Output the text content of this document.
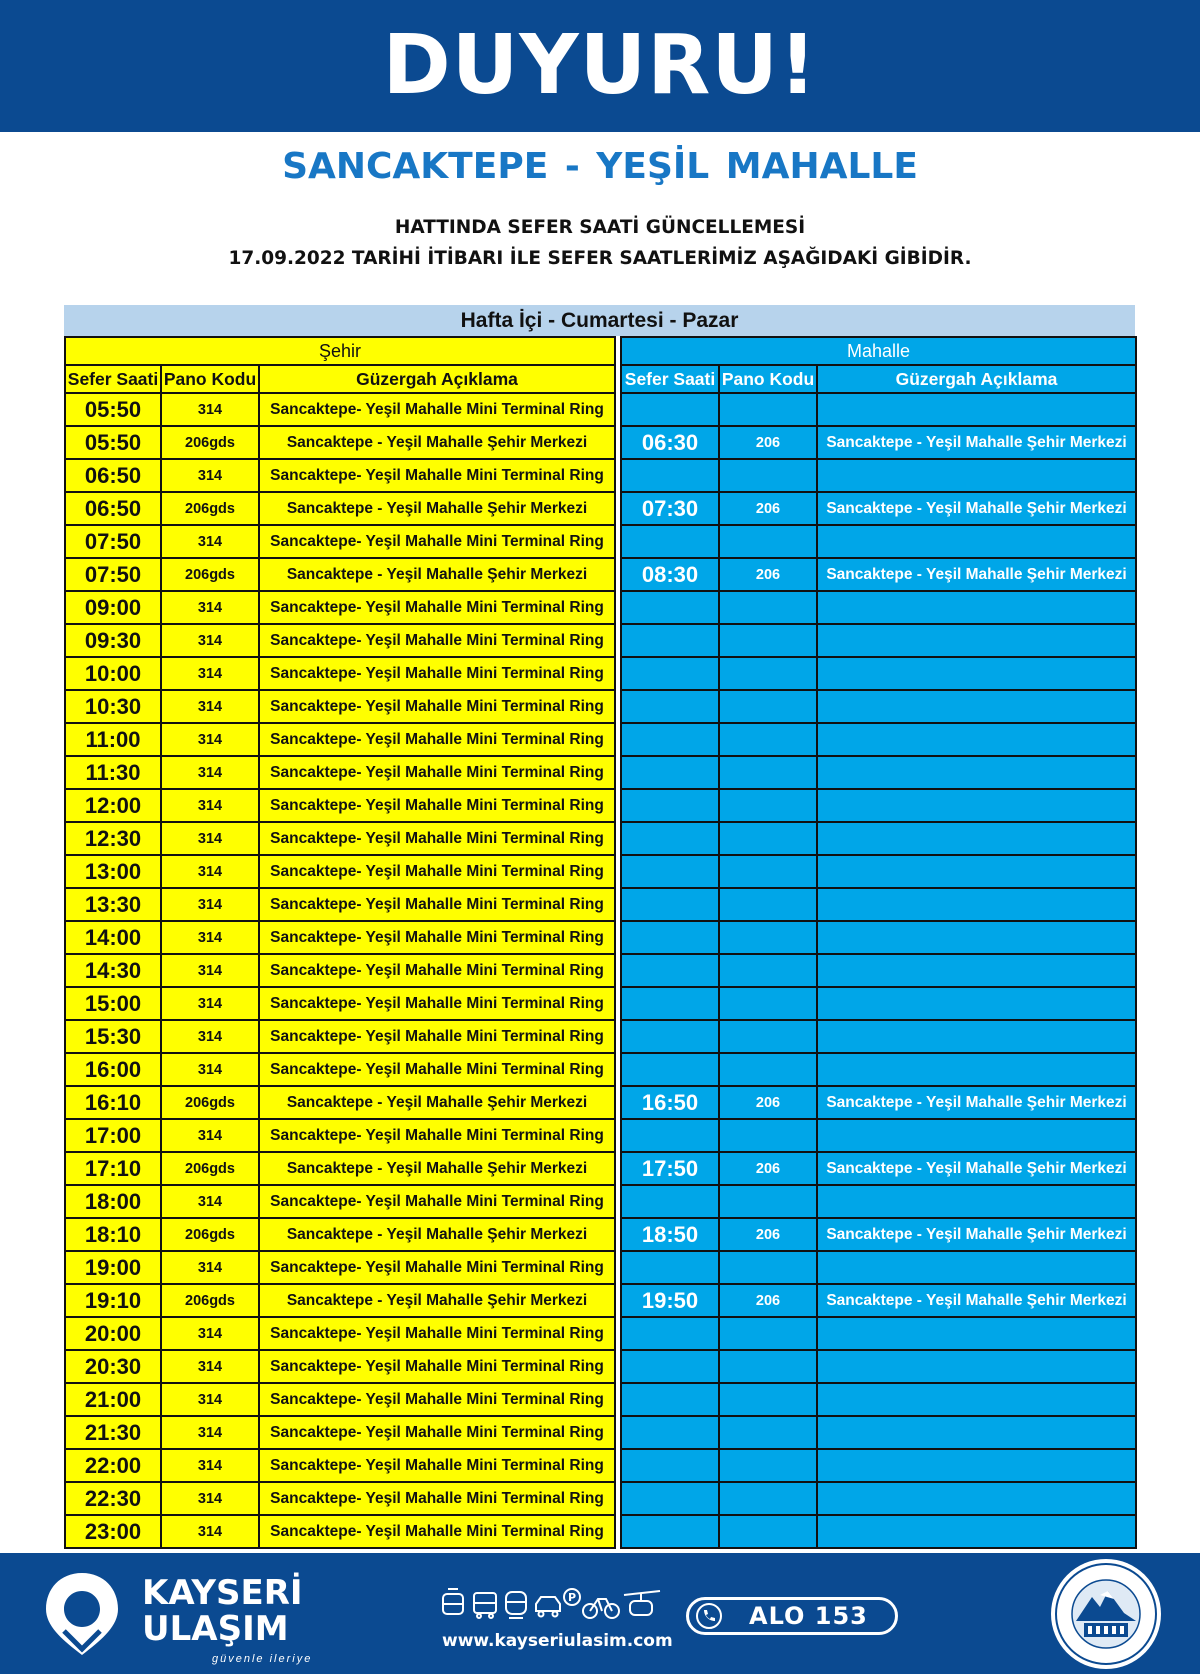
DUYURU!
SANCAKTEPE - YEŞİL MAHALLE
HATTINDA SEFER SAATİ GÜNCELLEMESİ
17.09.2022 TARİHİ İTİBARI İLE SEFER SAATLERİMİZ AŞAĞIDAKİ GİBİDİR.
Hafta İçi - Cumartesi - Pazar
Şehir		
Sefer Saati	Pano Kodu	Güzergah Açıklama
05:50	314	Sancaktepe- Yeşil Mahalle Mini Terminal Ring
05:50	206gds	Sancaktepe - Yeşil Mahalle Şehir Merkezi
06:50	314	Sancaktepe- Yeşil Mahalle Mini Terminal Ring
06:50	206gds	Sancaktepe - Yeşil Mahalle Şehir Merkezi
07:50	314	Sancaktepe- Yeşil Mahalle Mini Terminal Ring
07:50	206gds	Sancaktepe - Yeşil Mahalle Şehir Merkezi
09:00	314	Sancaktepe- Yeşil Mahalle Mini Terminal Ring
09:30	314	Sancaktepe- Yeşil Mahalle Mini Terminal Ring
10:00	314	Sancaktepe- Yeşil Mahalle Mini Terminal Ring
10:30	314	Sancaktepe- Yeşil Mahalle Mini Terminal Ring
11:00	314	Sancaktepe- Yeşil Mahalle Mini Terminal Ring
11:30	314	Sancaktepe- Yeşil Mahalle Mini Terminal Ring
12:00	314	Sancaktepe- Yeşil Mahalle Mini Terminal Ring
12:30	314	Sancaktepe- Yeşil Mahalle Mini Terminal Ring
13:00	314	Sancaktepe- Yeşil Mahalle Mini Terminal Ring
13:30	314	Sancaktepe- Yeşil Mahalle Mini Terminal Ring
14:00	314	Sancaktepe- Yeşil Mahalle Mini Terminal Ring
14:30	314	Sancaktepe- Yeşil Mahalle Mini Terminal Ring
15:00	314	Sancaktepe- Yeşil Mahalle Mini Terminal Ring
15:30	314	Sancaktepe- Yeşil Mahalle Mini Terminal Ring
16:00	314	Sancaktepe- Yeşil Mahalle Mini Terminal Ring
16:10	206gds	Sancaktepe - Yeşil Mahalle Şehir Merkezi
17:00	314	Sancaktepe- Yeşil Mahalle Mini Terminal Ring
17:10	206gds	Sancaktepe - Yeşil Mahalle Şehir Merkezi
18:00	314	Sancaktepe- Yeşil Mahalle Mini Terminal Ring
18:10	206gds	Sancaktepe - Yeşil Mahalle Şehir Merkezi
19:00	314	Sancaktepe- Yeşil Mahalle Mini Terminal Ring
19:10	206gds	Sancaktepe - Yeşil Mahalle Şehir Merkezi
20:00	314	Sancaktepe- Yeşil Mahalle Mini Terminal Ring
20:30	314	Sancaktepe- Yeşil Mahalle Mini Terminal Ring
21:00	314	Sancaktepe- Yeşil Mahalle Mini Terminal Ring
21:30	314	Sancaktepe- Yeşil Mahalle Mini Terminal Ring
22:00	314	Sancaktepe- Yeşil Mahalle Mini Terminal Ring
22:30	314	Sancaktepe- Yeşil Mahalle Mini Terminal Ring
23:00	314	Sancaktepe- Yeşil Mahalle Mini Terminal Ring
Mahalle		
Sefer Saati	Pano Kodu	Güzergah Açıklama

06:30	206	Sancaktepe - Yeşil Mahalle Şehir Merkezi

07:30	206	Sancaktepe - Yeşil Mahalle Şehir Merkezi

08:30	206	Sancaktepe - Yeşil Mahalle Şehir Merkezi

16:50	206	Sancaktepe - Yeşil Mahalle Şehir Merkezi

17:50	206	Sancaktepe - Yeşil Mahalle Şehir Merkezi

18:50	206	Sancaktepe - Yeşil Mahalle Şehir Merkezi

19:50	206	Sancaktepe - Yeşil Mahalle Şehir Merkezi

KAYSERİ
ULAŞIM
güvenle ileriye
P
www.kayseriulasim.com
ALO 153
